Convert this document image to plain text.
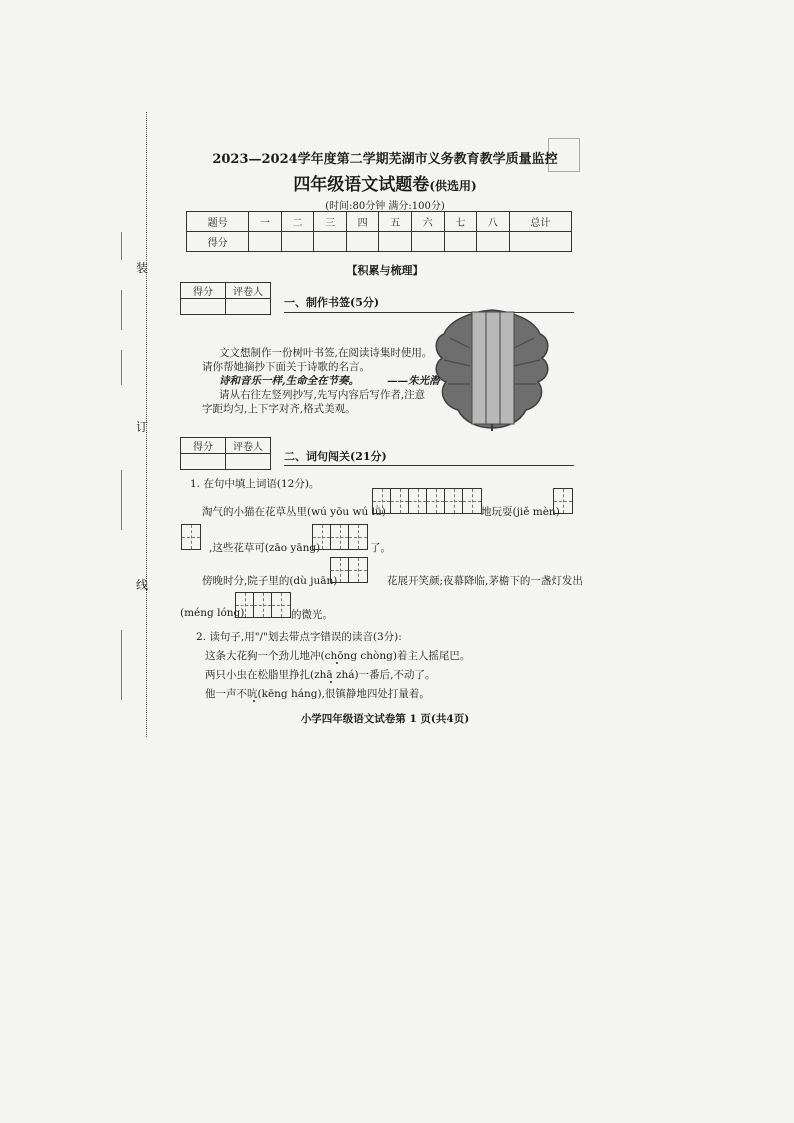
装
订
线
2023—2024学年度第二学期芜湖市义务教育教学质量监控
四年级语文试题卷(供选用)
(时间:80分钟 满分:100分)
题号	一	二	三	四	五	六	七	八	总计
得分									
【积累与梳理】
得分	评卷人

一、制作书签(5分)
文文想制作一份树叶书签,在阅读诗集时使用。
请你帮她摘抄下面关于诗歌的名言。
诗和音乐一样,生命全在节奏。	——朱光潜
请从右往左竖列抄写,先写内容后写作者,注意
字距均匀,上下字对齐,格式美观。
得分	评卷人

二、词句闯关(21分)
1. 在句中填上词语(12分)。
淘气的小猫在花草丛里(wú yōu wú lǜ)	地玩耍(jiě mèn)
,这些花草可(zāo yāng)	了。
傍晚时分,院子里的(dù juān)	花展开笑颜;夜幕降临,茅檐下的一盏灯发出
(méng lóng)	的微光。
2. 读句子,用"/"划去带点字错误的读音(3分):
这条大花狗一个劲儿地冲(chōng chòng)着主人摇尾巴。
两只小虫在松脂里挣扎(zhā zhá)一番后,不动了。
他一声不吭(kēng háng),很镇静地四处打量着。
小学四年级语文试卷第 1 页(共4页)
